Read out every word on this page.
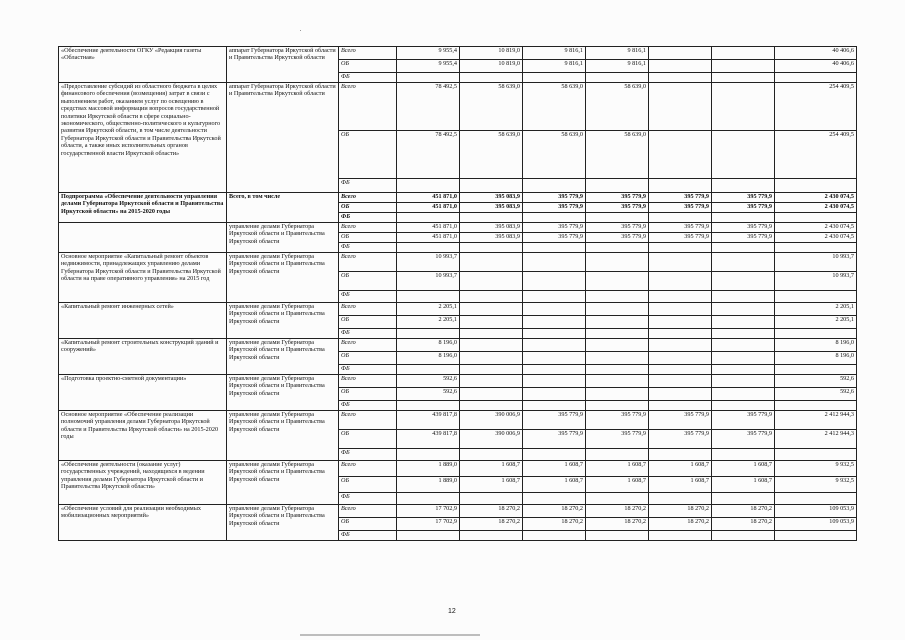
«Обеспечение деятельности ОГКУ «Редакция газеты «Областная»	аппарат Губернатора Иркутской области и Правительства Иркутской области	Всего	9 955,4	10 819,0	9 816,1	9 816,1			40 406,6
		ОБ	9 955,4	10 819,0	9 816,1	9 816,1			40 406,6
		ФБ							
«Предоставление субсидий из областного бюджета в целях финансового обеспечения (возмещения) затрат в связи с выполнением работ, оказанием услуг по освещению в средствах массовой информации вопросов государственной политики Иркутской области в сфере социально-экономического, общественно-политического и культурного развития Иркутской области, в том числе деятельности Губернатора Иркутской области и Правительства Иркутской области, а также иных исполнительных органов государственной власти Иркутской области»	аппарат Губернатора Иркутской области и Правительства Иркутской области	Всего	78 492,5	58 639,0	58 639,0	58 639,0			254 409,5
		ОБ	78 492,5	58 639,0	58 639,0	58 639,0			254 409,5
		ФБ							
Подпрограмма «Обеспечение деятельности управления делами Губернатора Иркутской области и Правительства Иркутской области» на 2015-2020 годы	Всего, в том числе	Всего	451 871,0	395 083,9	395 779,9	395 779,9	395 779,9	395 779,9	2 430 074,5
		ОБ	451 871,0	395 083,9	395 779,9	395 779,9	395 779,9	395 779,9	2 430 074,5
		ФБ							
	управление делами Губернатора Иркутской области и Правительства Иркутской области	Всего	451 871,0	395 083,9	395 779,9	395 779,9	395 779,9	395 779,9	2 430 074,5
		ОБ	451 871,0	395 083,9	395 779,9	395 779,9	395 779,9	395 779,9	2 430 074,5
		ФБ							
Основное мероприятие «Капитальный ремонт объектов недвижимости, принадлежащих управлению делами Губернатора Иркутской области и Правительства Иркутской области на праве оперативного управления» на 2015 год	управление делами Губернатора Иркутской области и Правительства Иркутской области	Всего	10 993,7						10 993,7
		ОБ	10 993,7						10 993,7
		ФБ							
«Капитальный ремонт инженерных сетей»	управление делами Губернатора Иркутской области и Правительства Иркутской области	Всего	2 205,1						2 205,1
		ОБ	2 205,1						2 205,1
		ФБ							
«Капитальный ремонт строительных конструкций зданий и сооружений»	управление делами Губернатора Иркутской области и Правительства Иркутской области	Всего	8 196,0						8 196,0
		ОБ	8 196,0						8 196,0
		ФБ							
«Подготовка проектно-сметной документации»	управление делами Губернатора Иркутской области и Правительства Иркутской области	Всего	592,6						592,6
		ОБ	592,6						592,6
		ФБ							
Основное мероприятие «Обеспечение реализации полномочий управления делами Губернатора Иркутской области и Правительства Иркутской области» на 2015-2020 годы	управление делами Губернатора Иркутской области и Правительства Иркутской области	Всего	439 817,8	390 006,9	395 779,9	395 779,9	395 779,9	395 779,9	2 412 944,3
		ОБ	439 817,8	390 006,9	395 779,9	395 779,9	395 779,9	395 779,9	2 412 944,3
		ФБ							
«Обеспечение деятельности (оказание услуг) государственных учреждений, находящихся в ведении управления делами Губернатора Иркутской области и Правительства Иркутской области»	управление делами Губернатора Иркутской области и Правительства Иркутской области	Всего	1 889,0	1 608,7	1 608,7	1 608,7	1 608,7	1 608,7	9 932,5
		ОБ	1 889,0	1 608,7	1 608,7	1 608,7	1 608,7	1 608,7	9 932,5
		ФБ							
«Обеспечение условий для реализации необходимых мобилизационных мероприятий»	управление делами Губернатора Иркутской области и Правительства Иркутской области	Всего	17 702,9	18 270,2	18 270,2	18 270,2	18 270,2	18 270,2	109 053,9
		ОБ	17 702,9	18 270,2	18 270,2	18 270,2	18 270,2	18 270,2	109 053,9
		ФБ							
12
